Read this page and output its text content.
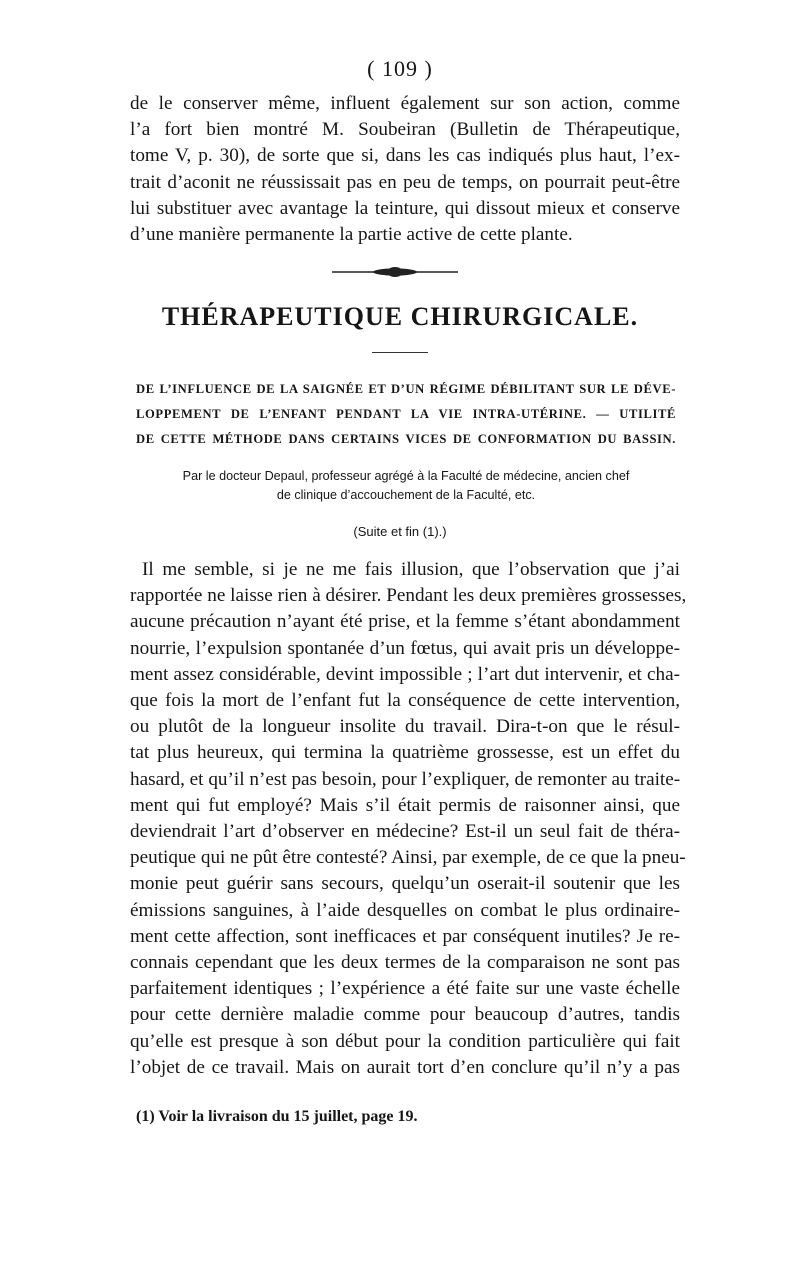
( 109 )
de le conserver même, influent également sur son action, comme
l’a fort bien montré M. Soubeiran (Bulletin de Thérapeutique,
tome V, p. 30), de sorte que si, dans les cas indiqués plus haut, l’ex-
trait d’aconit ne réussissait pas en peu de temps, on pourrait peut-être
lui substituer avec avantage la teinture, qui dissout mieux et conserve
d’une manière permanente la partie active de cette plante.
THÉRAPEUTIQUE CHIRURGICALE.
DE L’INFLUENCE DE LA SAIGNÉE ET D’UN RÉGIME DÉBILITANT SUR LE DÉVE-
LOPPEMENT DE L’ENFANT PENDANT LA VIE INTRA-UTÉRINE. — UTILITÉ
DE CETTE MÉTHODE DANS CERTAINS VICES DE CONFORMATION DU BASSIN.
Par le docteur Depaul, professeur agrégé à la Faculté de médecine, ancien chef
de clinique d’accouchement de la Faculté, etc.
(Suite et fin (1).)
Il me semble, si je ne me fais illusion, que l’observation que j’ai
rapportée ne laisse rien à désirer. Pendant les deux premières grossesses,
aucune précaution n’ayant été prise, et la femme s’étant abondamment
nourrie, l’expulsion spontanée d’un fœtus, qui avait pris un développe-
ment assez considérable, devint impossible ; l’art dut intervenir, et cha-
que fois la mort de l’enfant fut la conséquence de cette intervention,
ou plutôt de la longueur insolite du travail. Dira-t-on que le résul-
tat plus heureux, qui termina la quatrième grossesse, est un effet du
hasard, et qu’il n’est pas besoin, pour l’expliquer, de remonter au traite-
ment qui fut employé? Mais s’il était permis de raisonner ainsi, que
deviendrait l’art d’observer en médecine? Est-il un seul fait de théra-
peutique qui ne pût être contesté? Ainsi, par exemple, de ce que la pneu-
monie peut guérir sans secours, quelqu’un oserait-il soutenir que les
émissions sanguines, à l’aide desquelles on combat le plus ordinaire-
ment cette affection, sont inefficaces et par conséquent inutiles? Je re-
connais cependant que les deux termes de la comparaison ne sont pas
parfaitement identiques ; l’expérience a été faite sur une vaste échelle
pour cette dernière maladie comme pour beaucoup d’autres, tandis
qu’elle est presque à son début pour la condition particulière qui fait
l’objet de ce travail. Mais on aurait tort d’en conclure qu’il n’y a pas
(1) Voir la livraison du 15 juillet, page 19.
